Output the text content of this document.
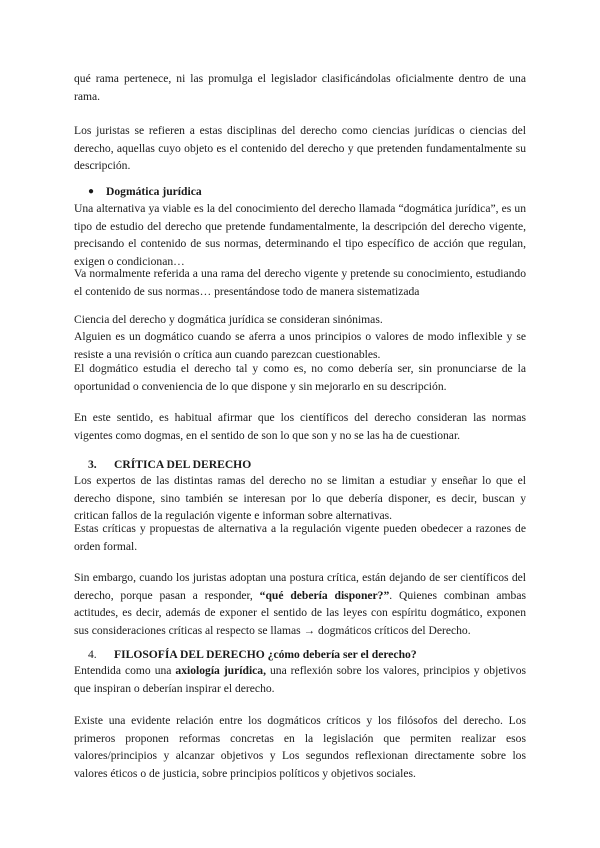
qué rama pertenece, ni las promulga el legislador clasificándolas oficialmente dentro de una rama.

Los juristas se refieren a estas disciplinas del derecho como ciencias jurídicas o ciencias del derecho, aquellas cuyo objeto es el contenido del derecho y que pretenden fundamentalmente su descripción.

● Dogmática jurídica

Una alternativa ya viable es la del conocimiento del derecho llamada “dogmática jurídica”, es un tipo de estudio del derecho que pretende fundamentalmente, la descripción del derecho vigente, precisando el contenido de sus normas, determinando el tipo específico de acción que regulan, exigen o condicionan…

Va normalmente referida a una rama del derecho vigente y pretende su conocimiento, estudiando el contenido de sus normas… presentándose todo de manera sistematizada

Ciencia del derecho y dogmática jurídica se consideran sinónimas.

Alguien es un dogmático cuando se aferra a unos principios o valores de modo inflexible y se resiste a una revisión o crítica aun cuando parezcan cuestionables.

El dogmático estudia el derecho tal y como es, no como debería ser, sin pronunciarse de la oportunidad o conveniencia de lo que dispone y sin mejorarlo en su descripción.

En este sentido, es habitual afirmar que los científicos del derecho consideran las normas vigentes como dogmas, en el sentido de son lo que son y no se las ha de cuestionar.

3. CRÍTICA DEL DERECHO

Los expertos de las distintas ramas del derecho no se limitan a estudiar y enseñar lo que el derecho dispone, sino también se interesan por lo que debería disponer, es decir, buscan y critican fallos de la regulación vigente e informan sobre alternativas.

Estas críticas y propuestas de alternativa a la regulación vigente pueden obedecer a razones de orden formal.

Sin embargo, cuando los juristas adoptan una postura crítica, están dejando de ser científicos del derecho, porque pasan a responder, “qué debería disponer?”. Quienes combinan ambas actitudes, es decir, además de exponer el sentido de las leyes con espíritu dogmático, exponen sus consideraciones críticas al respecto se llamas → dogmáticos críticos del Derecho.

4. FILOSOFÍA DEL DERECHO ¿cómo debería ser el derecho?

Entendida como una axiología jurídica, una reflexión sobre los valores, principios y objetivos que inspiran o deberían inspirar el derecho.

Existe una evidente relación entre los dogmáticos críticos y los filósofos del derecho. Los primeros proponen reformas concretas en la legislación que permiten realizar esos valores/principios y alcanzar objetivos y Los segundos reflexionan directamente sobre los valores éticos o de justicia, sobre principios políticos y objetivos sociales.
